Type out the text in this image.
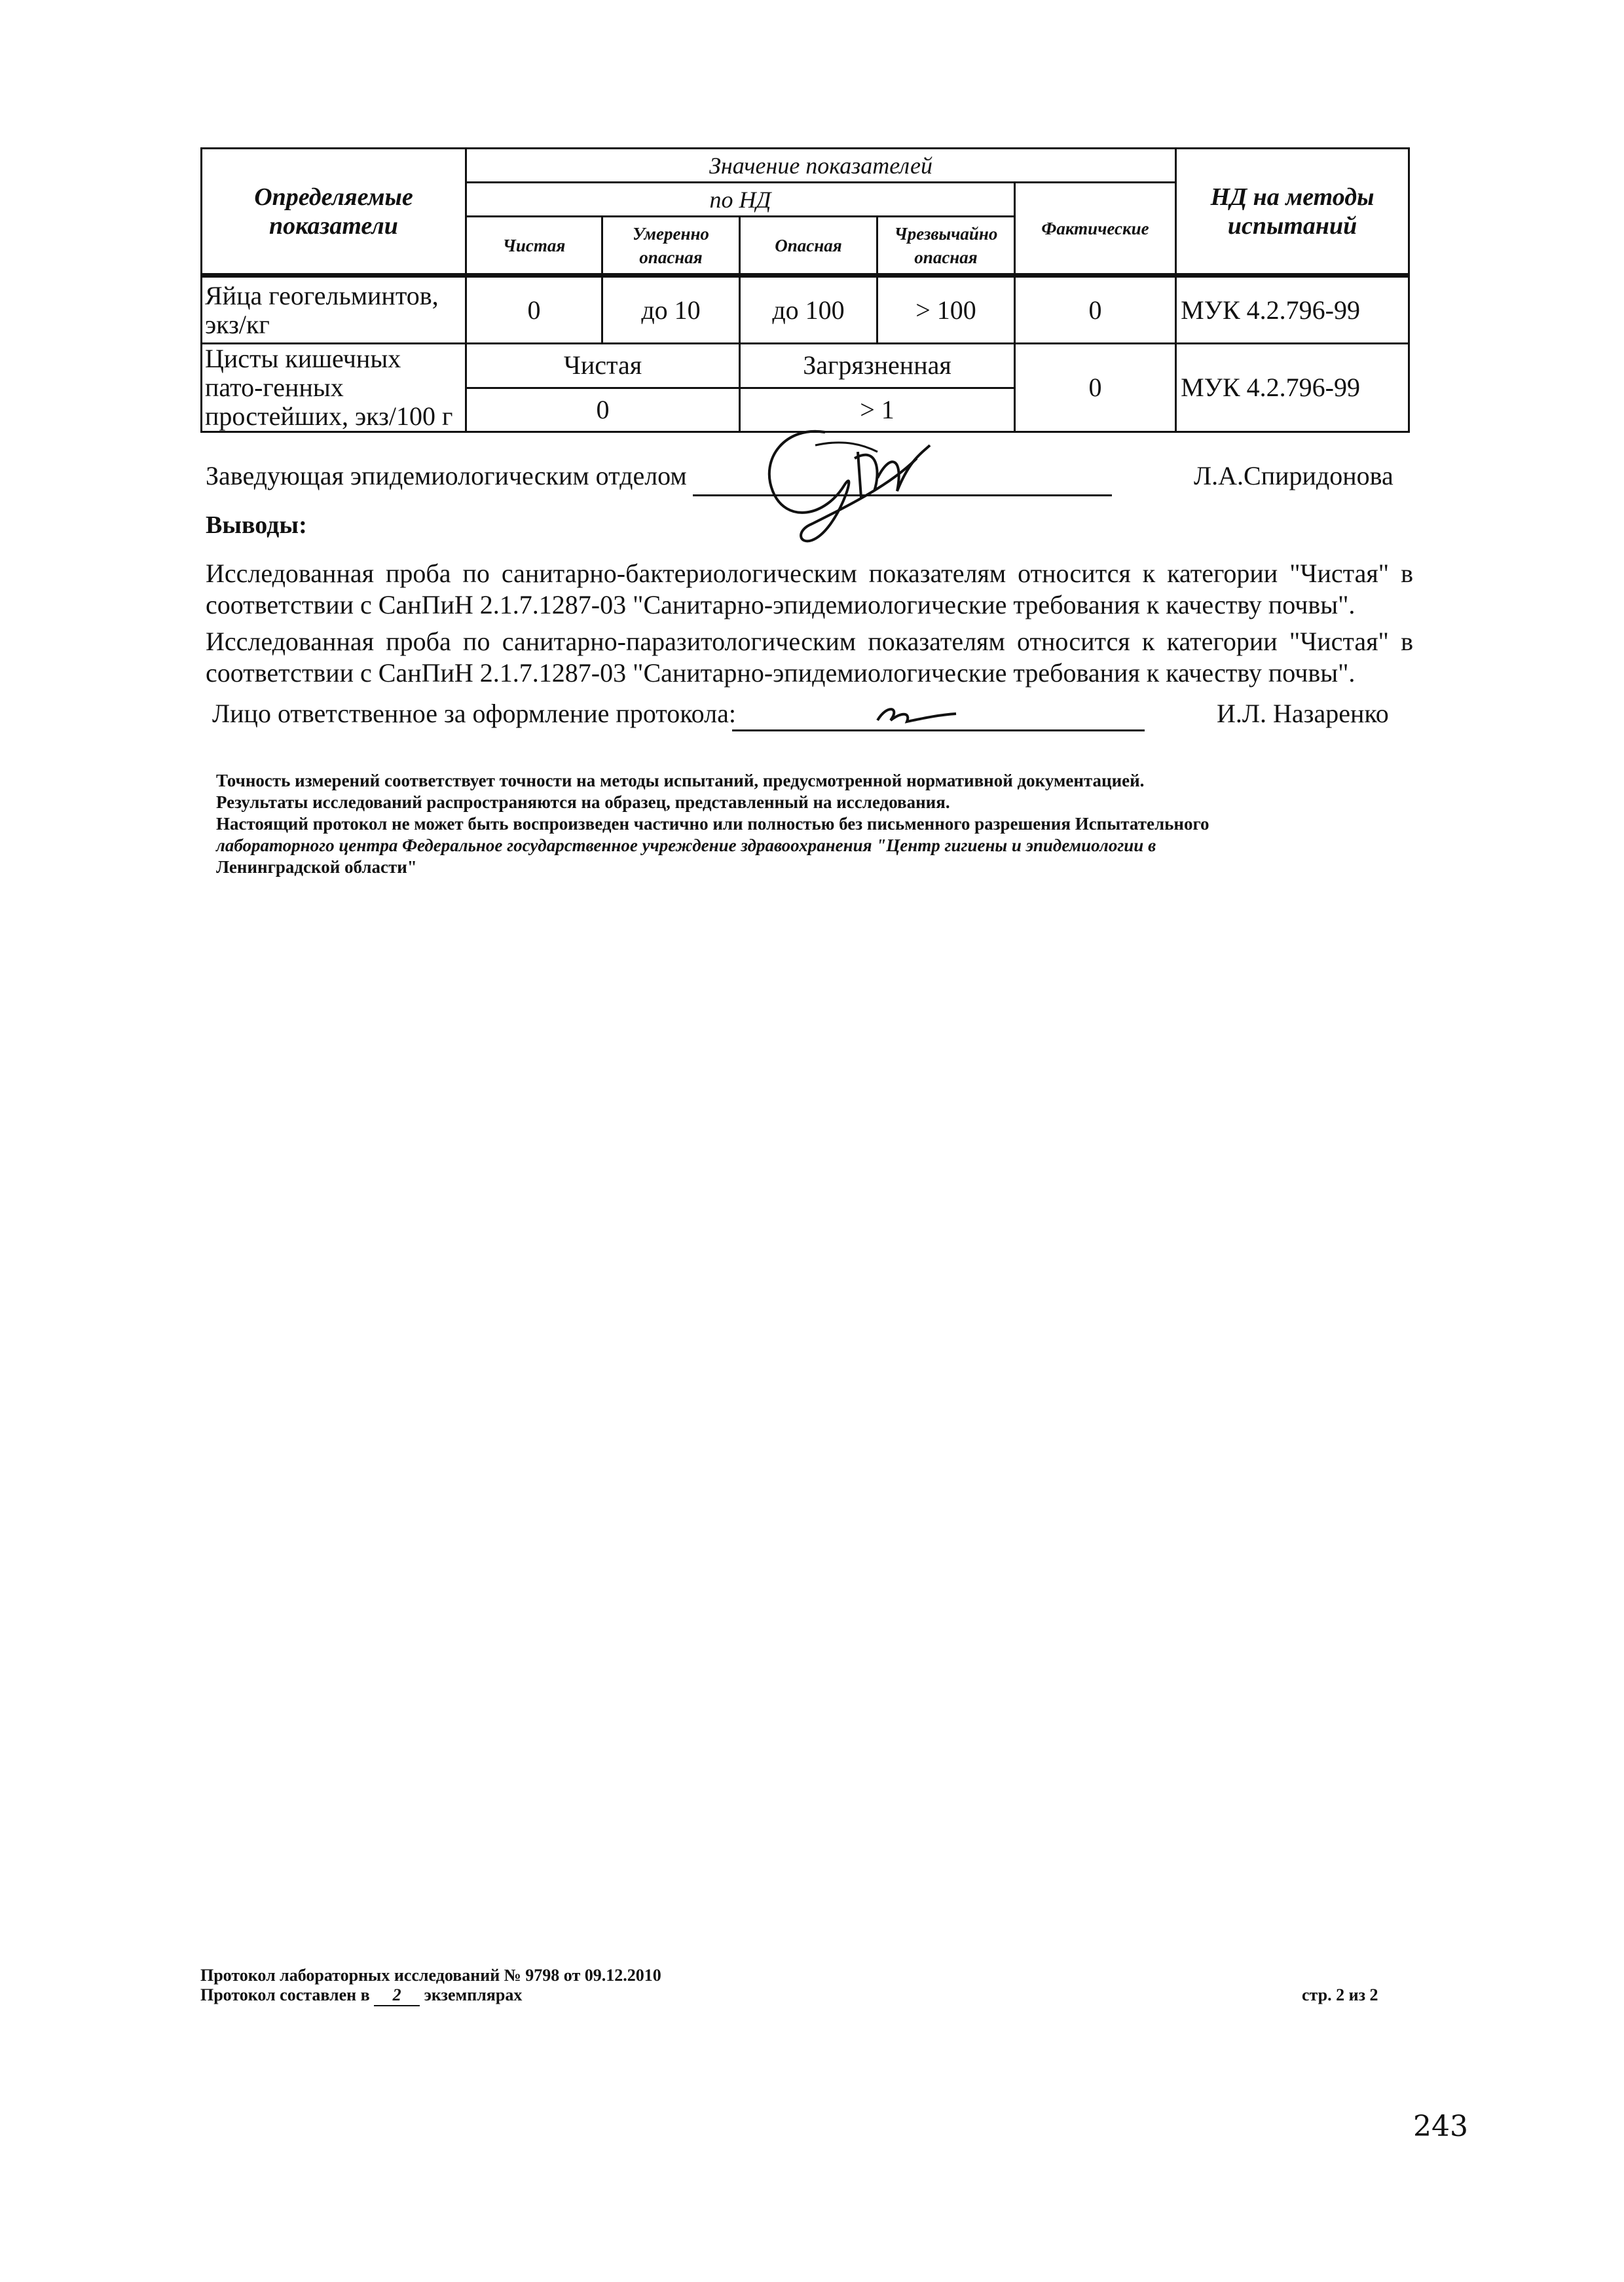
Определяемые показатели	Значение показателей					НД на методы испытаний
	по НД				Фактические	
	Чистая	Умеренно опасная	Опасная	Чрезвычайно опасная		
Яйца геогельминтов, экз/кг	0	до 10	до 100	> 100	0	МУК 4.2.796-99
Цисты кишечных пато-генных простейших, экз/100 г	Чистая		Загрязненная		0	МУК 4.2.796-99
	0		> 1			
Заведующая эпидемиологическим отделом	Л.А.Спиридонова
Выводы:
Исследованная проба по санитарно-бактериологическим показателям относится к категории "Чистая" в
соответствии с СанПиН 2.1.7.1287-03 "Санитарно-эпидемиологические требования к качеству почвы".
Исследованная проба по санитарно-паразитологическим показателям относится к категории "Чистая" в
соответствии с СанПиН 2.1.7.1287-03 "Санитарно-эпидемиологические требования к качеству почвы".
Лицо ответственное за оформление протокола:	И.Л. Назаренко
Точность измерений соответствует точности на методы испытаний, предусмотренной нормативной документацией.
Результаты исследований распространяются на образец, представленный на исследования.
Настоящий протокол не может быть воспроизведен частично или полностью без письменного разрешения Испытательного
лабораторного центра Федеральное государственное учреждение здравоохранения "Центр гигиены и эпидемиологии в
Ленинградской области"
Протокол лабораторных исследований № 9798 от 09.12.2010
Протокол составлен в 2 экземплярах	стр. 2 из 2
243
